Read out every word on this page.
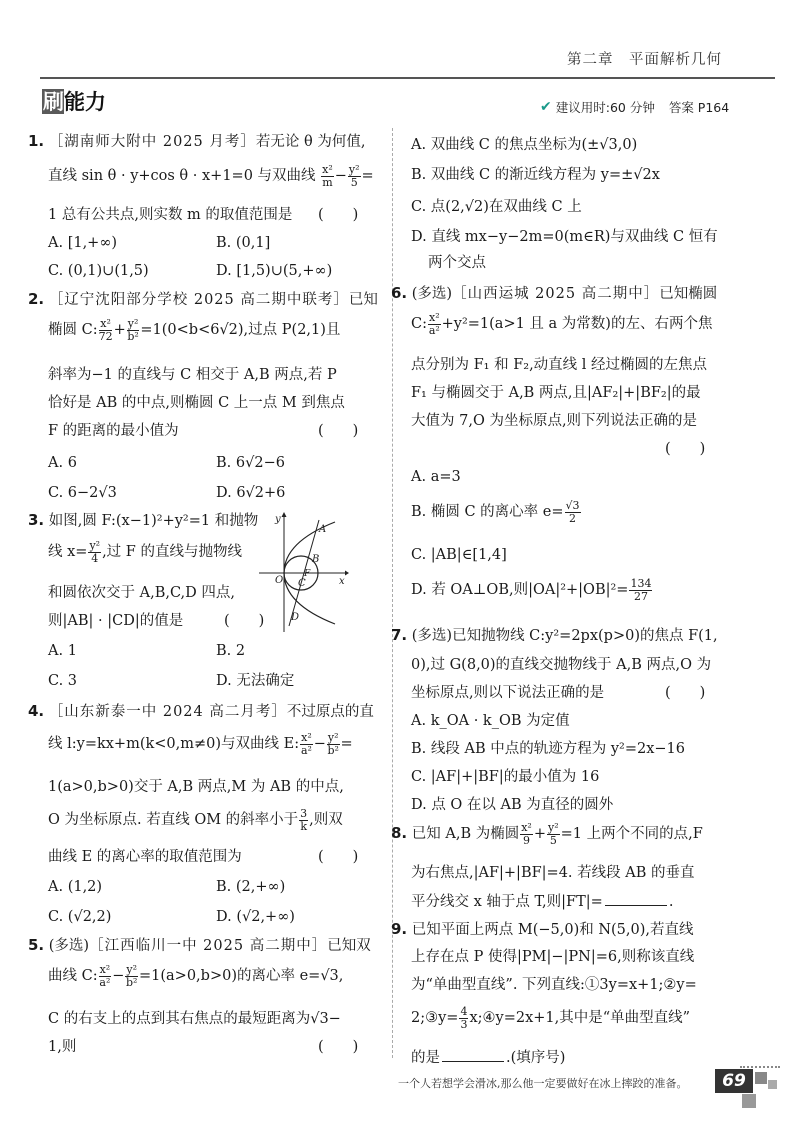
第二章　平面解析几何
刷 能力	✔ 建议用时:60 分钟 答案 P164
1. ［湖南师大附中 2025 月考］若无论 θ 为何值,
直线 sin θ · y+cos θ · x+1=0 与双曲线 $\frac{\text{x²}}{m} - \frac{\text{y²}}{5}$ =
1 总有公共点,则实数 m 的取值范围是 (　　)
A. [1,+∞)	B. (0,1]
C. (0,1)∪(1,5)	D. [1,5)∪(5,+∞)
2. ［辽宁沈阳部分学校 2025 高二期中联考］已知
椭圆 C: $\frac{\text{x²}}{72} + \frac{\text{y²}}{\text{b²}} =1(0<b<6√2)$,过点 P(2,1)且
斜率为−1 的直线与 C 相交于 A,B 两点,若 P
恰好是 AB 的中点,则椭圆 C 上一点 M 到焦点
F 的距离的最小值为	(　　)
A. 6	B. 6√2−6
C. 6−2√3	D. 6√2+6
3. 如图,圆 F:(x−1)²+y²=1 和抛物
线 $x= \frac{\text{y²}}{4}$ ,过 F 的直线与抛物线
和圆依次交于 A,B,C,D 四点,
则|AB| · |CD|的值是	(　　)
A. 1	B. 2
C. 3	D. 无法确定
4. ［山东新泰一中 2024 高二月考］不过原点的直
线 l:y=kx+m(k<0,m≠0)与双曲线 E: $\frac{\text{x²}}{\text{a²}} - \frac{\text{y²}}{\text{b²}}$ =
1(a>0,b>0)交于 A,B 两点,M 为 AB 的中点,
O 为坐标原点. 若直线 OM 的斜率小于 $\frac{3}{k}$ ,则双
曲线 E 的离心率的取值范围为	(　　)
A. (1,2)	B. (2,+∞)
C. (√2,2)	D. (√2,+∞)
5. (多选)［江西临川一中 2025 高二期中］已知双
曲线 C: $\frac{\text{x²}}{\text{a²}} - \frac{\text{y²}}{\text{b²}} =1(a>0,b>0)$的离心率 e=√3,
C 的右支上的点到其右焦点的最短距离为√3−
1,则	(　　)
y
x
O
A
B
F
C
D
A. 双曲线 C 的焦点坐标为(±√3,0)
B. 双曲线 C 的渐近线方程为 y=±√2x
C. 点(2,√2)在双曲线 C 上
D. 直线 mx−y−2m=0(m∈R)与双曲线 C 恒有
两个交点
6. (多选)［山西运城 2025 高二期中］已知椭圆
C: $\frac{\text{x²}}{\text{a²}} +y^2=1(a>1$ 且 a 为常数)的左、右两个焦
点分别为 F₁ 和 F₂,动直线 l 经过椭圆的左焦点
F₁ 与椭圆交于 A,B 两点,且|AF₂|+|BF₂|的最
大值为 7,O 为坐标原点,则下列说法正确的是
(　　)
A. a=3
B. 椭圆 C 的离心率 $e= \frac{√3}{2}$
C. |AB|∈[1,4]
D. 若 OA⊥OB,则$|OA|^2+|OB|^2= \frac{134}{27}$
7. (多选)已知抛物线 C:y²=2px(p>0)的焦点 F(1,
0),过 G(8,0)的直线交抛物线于 A,B 两点,O 为
坐标原点,则以下说法正确的是	(　　)
A. k_OA · k_OB 为定值
B. 线段 AB 中点的轨迹方程为 y²=2x−16
C. |AF|+|BF|的最小值为 16
D. 点 O 在以 AB 为直径的圆外
8. 已知 A,B 为椭圆 $\frac{\text{x²}}{9} + \frac{\text{y²}}{5} =1$ 上两个不同的点,F
为右焦点,|AF|+|BF|=4. 若线段 AB 的垂直
平分线交 x 轴于点 T,则|FT|=	.
9. 已知平面上两点 M(−5,0)和 N(5,0),若直线
上存在点 P 使得|PM|−|PN|=6,则称该直线
为“单曲型直线”. 下列直线:①3y=x+1;②y=
2;③y= $\frac{4}{3}$ x;④y=2x+1,其中是“单曲型直线”
的是	.(填序号)
一个人若想学会滑冰,那么他一定要做好在冰上摔跤的准备。	69
